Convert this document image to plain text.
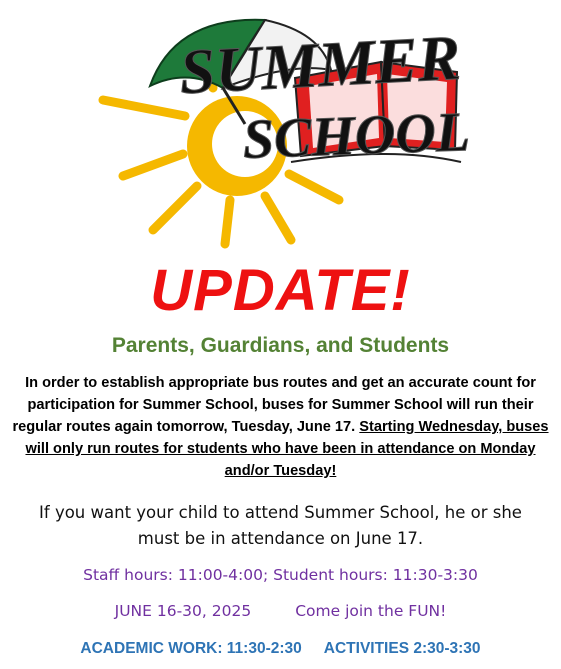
SUMMER
SCHOOL
UPDATE!
Parents, Guardians, and Students
In order to establish appropriate bus routes and get an accurate count for participation for Summer School, buses for Summer School will run their regular routes again tomorrow, Tuesday, June 17. Starting Wednesday, buses will only run routes for students who have been in attendance on Monday and/or Tuesday!
If you want your child to attend Summer School, he or she
must be in attendance on June 17.
Staff hours: 11:00-4:00; Student hours: 11:30-3:30
JUNE 16-30, 2025	Come join the FUN!
ACADEMIC WORK: 11:30-2:30 ACTIVITIES 2:30-3:30
